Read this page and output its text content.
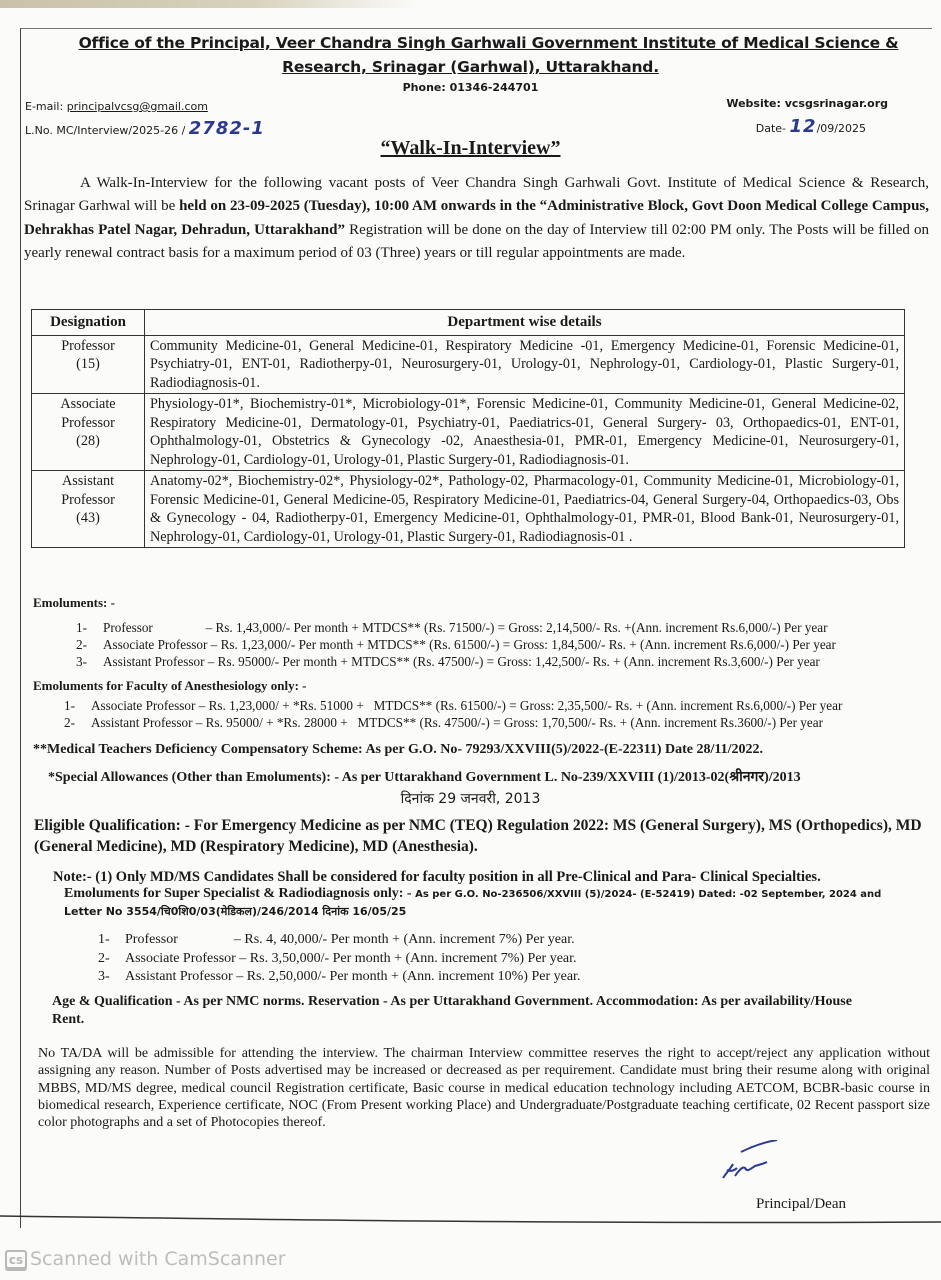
Office of the Principal, Veer Chandra Singh Garhwali Government Institute of Medical Science &
Research, Srinagar (Garhwal), Uttarakhand.
Phone: 01346-244701
E-mail: principalvcsg@gmail.com
L.No. MC/Interview/2025-26 / 2782-1
Website: vcsgsrinagar.org
Date- 12/09/2025
“Walk-In-Interview”
A Walk-In-Interview for the following vacant posts of Veer Chandra Singh Garhwali Govt. Institute of Medical Science & Research, Srinagar Garhwal will be held on 23-09-2025 (Tuesday), 10:00 AM onwards in the “Administrative Block, Govt Doon Medical College Campus, Dehrakhas Patel Nagar, Dehradun, Uttarakhand” Registration will be done on the day of Interview till 02:00 PM only. The Posts will be filled on yearly renewal contract basis for a maximum period of 03 (Three) years or till regular appointments are made.
Designation	Department wise details

Professor
(15)	Community Medicine-01, General Medicine-01, Respiratory Medicine -01, Emergency Medicine-01, Forensic Medicine-01, Psychiatry-01, ENT-01, Radiotherpy-01, Neurosurgery-01, Urology-01, Nephrology-01, Cardiology-01, Plastic Surgery-01, Radiodiagnosis-01.

Associate Professor
(28)	Physiology-01*, Biochemistry-01*, Microbiology-01*, Forensic Medicine-01, Community Medicine-01, General Medicine-02, Respiratory Medicine-01, Dermatology-01, Psychiatry-01, Paediatrics-01, General Surgery- 03, Orthopaedics-01, ENT-01, Ophthalmology-01, Obstetrics & Gynecology -02, Anaesthesia-01, PMR-01, Emergency Medicine-01, Neurosurgery-01, Nephrology-01, Cardiology-01, Urology-01, Plastic Surgery-01, Radiodiagnosis-01.

Assistant Professor
(43)	Anatomy-02*, Biochemistry-02*, Physiology-02*, Pathology-02, Pharmacology-01, Community Medicine-01, Microbiology-01, Forensic Medicine-01, General Medicine-05, Respiratory Medicine-01, Paediatrics-04, General Surgery-04, Orthopaedics-03, Obs & Gynecology - 04, Radiotherpy-01, Emergency Medicine-01, Ophthalmology-01, PMR-01, Blood Bank-01, Neurosurgery-01, Nephrology-01, Cardiology-01, Urology-01, Plastic Surgery-01, Radiodiagnosis-01 .
Emoluments: -
1- Professor                – Rs. 1,43,000/- Per month + MTDCS** (Rs. 71500/-) = Gross: 2,14,500/- Rs. +(Ann. increment Rs.6,000/-) Per year
2- Associate Professor – Rs. 1,23,000/- Per month + MTDCS** (Rs. 61500/-) = Gross: 1,84,500/- Rs. + (Ann. increment Rs.6,000/-) Per year
3- Assistant Professor – Rs. 95000/- Per month + MTDCS** (Rs. 47500/-) = Gross: 1,42,500/- Rs. + (Ann. increment Rs.3,600/-) Per year
Emoluments for Faculty of Anesthesiology only: -
1- Associate Professor – Rs. 1,23,000/ + *Rs. 51000 +   MTDCS** (Rs. 61500/-) = Gross: 2,35,500/- Rs. + (Ann. increment Rs.6,000/-) Per year
2- Assistant Professor – Rs. 95000/ + *Rs. 28000 +   MTDCS** (Rs. 47500/-) = Gross: 1,70,500/- Rs. + (Ann. increment Rs.3600/-) Per year
**Medical Teachers Deficiency Compensatory Scheme: As per G.O. No- 79293/XXVIII(5)/2022-(E-22311) Date 28/11/2022.
*Special Allowances (Other than Emoluments): - As per Uttarakhand Government L. No-239/XXVIII (1)/2013-02(श्रीनगर)/2013
दिनांक 29 जनवरी, 2013
Eligible Qualification: - For Emergency Medicine as per NMC (TEQ) Regulation 2022: MS (General Surgery), MS (Orthopedics), MD (General Medicine), MD (Respiratory Medicine), MD (Anesthesia).
Note:- (1) Only MD/MS Candidates Shall be considered for faculty position in all Pre-Clinical and Para- Clinical Specialties.
Emoluments for Super Specialist & Radiodiagnosis only: - As per G.O. No-236506/XXVIII (5)/2024- (E-52419) Dated: -02 September, 2024 and
Letter No 3554/चि0शि0/03(मेडिकल)/246/2014 दिनांक 16/05/25
1- Professor                – Rs. 4, 40,000/- Per month + (Ann. increment 7%) Per year.
2- Associate Professor – Rs. 3,50,000/- Per month + (Ann. increment 7%) Per year.
3- Assistant Professor – Rs. 2,50,000/- Per month + (Ann. increment 10%) Per year.
Age & Qualification - As per NMC norms. Reservation - As per Uttarakhand Government. Accommodation: As per availability/House Rent.
No TA/DA will be admissible for attending the interview. The chairman Interview committee reserves the right to accept/reject any application without assigning any reason. Number of Posts advertised may be increased or decreased as per requirement. Candidate must bring their resume along with original MBBS, MD/MS degree, medical council Registration certificate, Basic course in medical education technology including AETCOM, BCBR-basic course in biomedical research, Experience certificate, NOC (From Present working Place) and Undergraduate/Postgraduate teaching certificate, 02 Recent passport size color photographs and a set of Photocopies thereof.
Principal/Dean
cs Scanned with CamScanner
